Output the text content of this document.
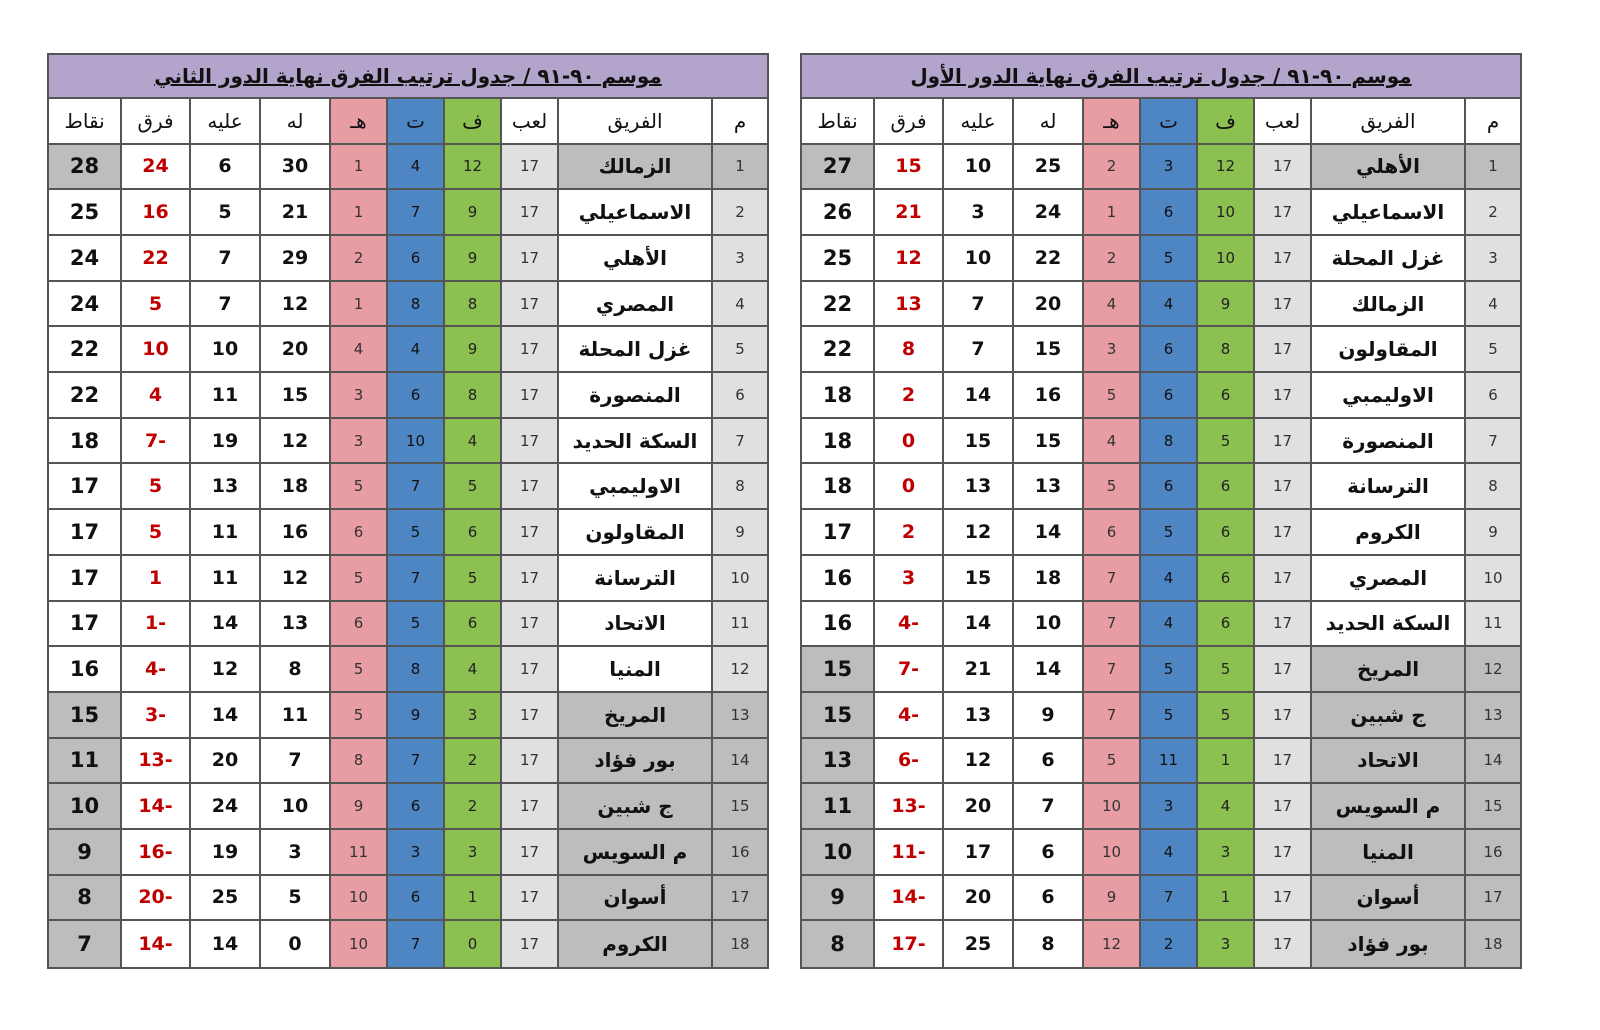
موسم ٩٠-٩١ / جدول ترتيب الفرق نهاية الدور الثاني
م
الفريق
لعب
ف
ت
هـ
له
عليه
فرق
نقاط
1
الزمالك
17
12
4
1
30
6
24
28
2
الاسماعيلي
17
9
7
1
21
5
16
25
3
الأهلي
17
9
6
2
29
7
22
24
4
المصري
17
8
8
1
12
7
5
24
5
غزل المحلة
17
9
4
4
20
10
10
22
6
المنصورة
17
8
6
3
15
11
4
22
7
السكة الحديد
17
4
10
3
12
19
-7
18
8
الاوليمبي
17
5
7
5
18
13
5
17
9
المقاولون
17
6
5
6
16
11
5
17
10
الترسانة
17
5
7
5
12
11
1
17
11
الاتحاد
17
6
5
6
13
14
-1
17
12
المنيا
17
4
8
5
8
12
-4
16
13
المريخ
17
3
9
5
11
14
-3
15
14
بور فؤاد
17
2
7
8
7
20
-13
11
15
ج شبين
17
2
6
9
10
24
-14
10
16
م السويس
17
3
3
11
3
19
-16
9
17
أسوان
17
1
6
10
5
25
-20
8
18
الكروم
17
0
7
10
0
14
-14
7
موسم ٩٠-٩١ / جدول ترتيب الفرق نهاية الدور الأول
م
الفريق
لعب
ف
ت
هـ
له
عليه
فرق
نقاط
1
الأهلي
17
12
3
2
25
10
15
27
2
الاسماعيلي
17
10
6
1
24
3
21
26
3
غزل المحلة
17
10
5
2
22
10
12
25
4
الزمالك
17
9
4
4
20
7
13
22
5
المقاولون
17
8
6
3
15
7
8
22
6
الاوليمبي
17
6
6
5
16
14
2
18
7
المنصورة
17
5
8
4
15
15
0
18
8
الترسانة
17
6
6
5
13
13
0
18
9
الكروم
17
6
5
6
14
12
2
17
10
المصري
17
6
4
7
18
15
3
16
11
السكة الحديد
17
6
4
7
10
14
-4
16
12
المريخ
17
5
5
7
14
21
-7
15
13
ج شبين
17
5
5
7
9
13
-4
15
14
الاتحاد
17
1
11
5
6
12
-6
13
15
م السويس
17
4
3
10
7
20
-13
11
16
المنيا
17
3
4
10
6
17
-11
10
17
أسوان
17
1
7
9
6
20
-14
9
18
بور فؤاد
17
3
2
12
8
25
-17
8
